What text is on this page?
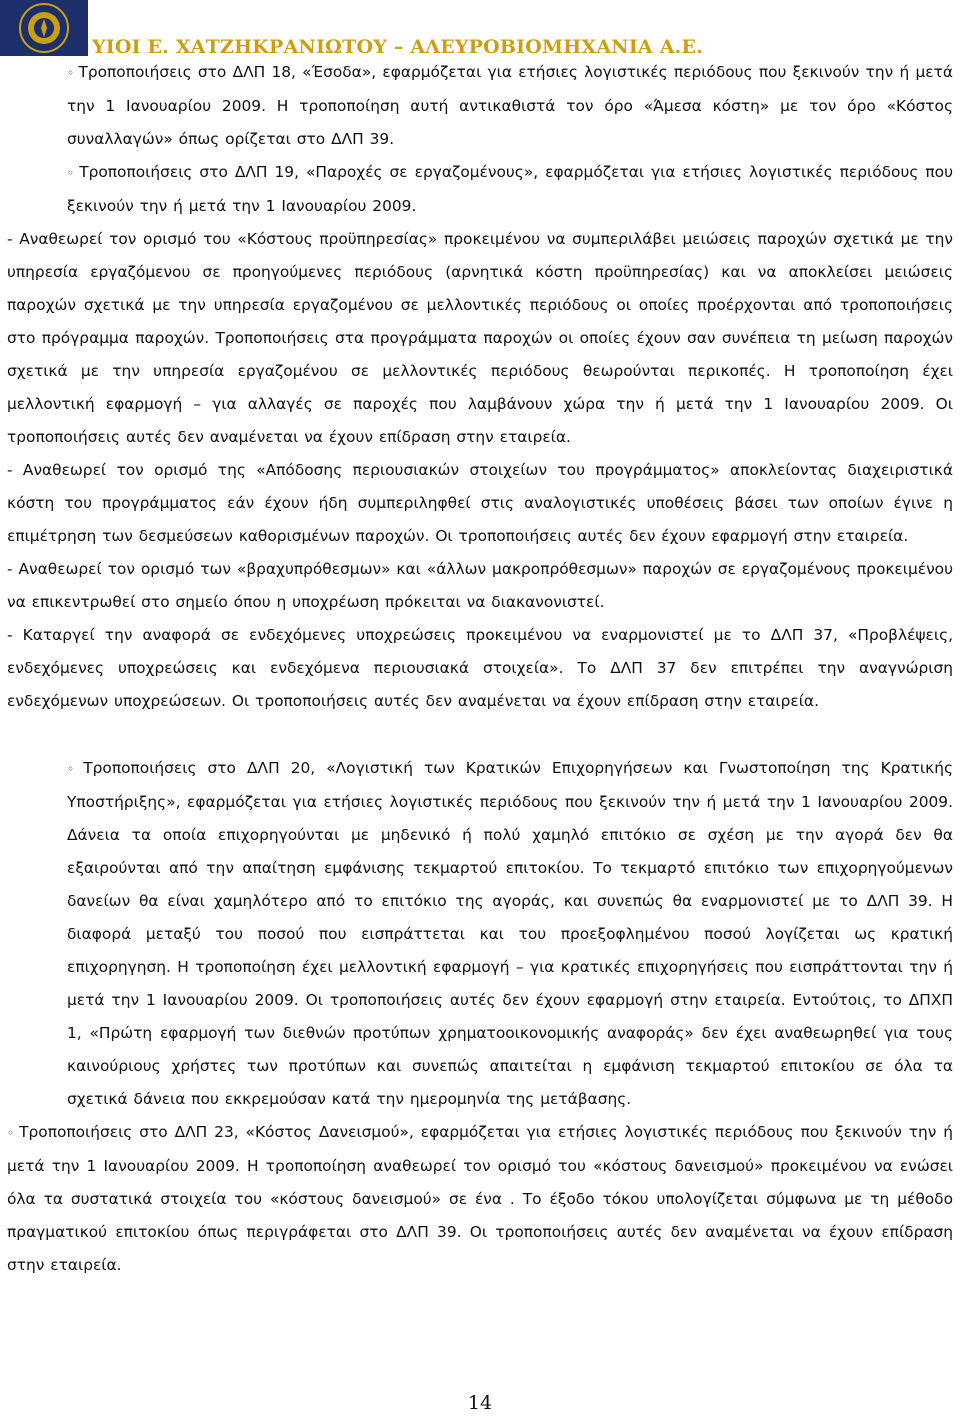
ΥΙΟΙ Ε. ΧΑΤΖΗΚΡΑΝΙΩΤΟΥ – ΑΛΕΥΡΟΒΙΟΜΗΧΑΝΙΑ Α.Ε.

◦ Τροποποιήσεις στο ΔΛΠ 18, «Έσοδα», εφαρμόζεται για ετήσιες λογιστικές περιόδους που ξεκινούν την ή μετά την 1 Ιανουαρίου 2009. Η τροποποίηση αυτή αντικαθιστά τον όρο «Άμεσα κόστη» με τον όρο «Κόστος συναλλαγών» όπως ορίζεται στο ΔΛΠ 39.

◦ Τροποποιήσεις στο ΔΛΠ 19, «Παροχές σε εργαζομένους», εφαρμόζεται για ετήσιες λογιστικές περιόδους που ξεκινούν την ή μετά την 1 Ιανουαρίου 2009.

- Αναθεωρεί τον ορισμό του «Κόστους προϋπηρεσίας» προκειμένου να συμπεριλάβει μειώσεις παροχών σχετικά με την υπηρεσία εργαζόμενου σε προηγούμενες περιόδους (αρνητικά κόστη προϋπηρεσίας) και να αποκλείσει μειώσεις παροχών σχετικά με την υπηρεσία εργαζομένου σε μελλοντικές περιόδους οι οποίες προέρχονται από τροποποιήσεις στο πρόγραμμα παροχών. Τροποποιήσεις στα προγράμματα παροχών οι οποίες έχουν σαν συνέπεια τη μείωση παροχών σχετικά με την υπηρεσία εργαζομένου σε μελλοντικές περιόδους θεωρούνται περικοπές. Η τροποποίηση έχει μελλοντική εφαρμογή – για αλλαγές σε παροχές που λαμβάνουν χώρα την ή μετά την 1 Ιανουαρίου 2009. Οι τροποποιήσεις αυτές δεν αναμένεται να έχουν επίδραση στην εταιρεία.

- Αναθεωρεί τον ορισμό της «Απόδοσης περιουσιακών στοιχείων του προγράμματος» αποκλείοντας διαχειριστικά κόστη του προγράμματος εάν έχουν ήδη συμπεριληφθεί στις αναλογιστικές υποθέσεις βάσει των οποίων έγινε η επιμέτρηση των δεσμεύσεων καθορισμένων παροχών. Οι τροποποιήσεις αυτές δεν έχουν εφαρμογή στην εταιρεία.

- Αναθεωρεί τον ορισμό των «βραχυπρόθεσμων» και «άλλων μακροπρόθεσμων» παροχών σε εργαζομένους προκειμένου να επικεντρωθεί στο σημείο όπου η υποχρέωση πρόκειται να διακανονιστεί.

- Καταργεί την αναφορά σε ενδεχόμενες υποχρεώσεις προκειμένου να εναρμονιστεί με το ΔΛΠ 37, «Προβλέψεις, ενδεχόμενες υποχρεώσεις και ενδεχόμενα περιουσιακά στοιχεία». Το ΔΛΠ 37 δεν επιτρέπει την αναγνώριση ενδεχόμενων υποχρεώσεων. Οι τροποποιήσεις αυτές δεν αναμένεται να έχουν επίδραση στην εταιρεία.

◦ Τροποποιήσεις στο ΔΛΠ 20, «Λογιστική των Κρατικών Επιχορηγήσεων και Γνωστοποίηση της Κρατικής Υποστήριξης», εφαρμόζεται για ετήσιες λογιστικές περιόδους που ξεκινούν την ή μετά την 1 Ιανουαρίου 2009. Δάνεια τα οποία επιχορηγούνται με μηδενικό ή πολύ χαμηλό επιτόκιο σε σχέση με την αγορά δεν θα εξαιρούνται από την απαίτηση εμφάνισης τεκμαρτού επιτοκίου. Το τεκμαρτό επιτόκιο των επιχορηγούμενων δανείων θα είναι χαμηλότερο από το επιτόκιο της αγοράς, και συνεπώς θα εναρμονιστεί με το ΔΛΠ 39. Η διαφορά μεταξύ του ποσού που εισπράττεται και του προεξοφλημένου ποσού λογίζεται ως κρατική επιχορηγηση. Η τροποποίηση έχει μελλοντική εφαρμογή – για κρατικές επιχορηγήσεις που εισπράττονται την ή μετά την 1 Ιανουαρίου 2009. Οι τροποποιήσεις αυτές δεν έχουν εφαρμογή στην εταιρεία. Εντούτοις, το ΔΠΧΠ 1, «Πρώτη εφαρμογή των διεθνών προτύπων χρηματοοικονομικής αναφοράς» δεν έχει αναθεωρηθεί για τους καινούριους χρήστες των προτύπων και συνεπώς απαιτείται η εμφάνιση τεκμαρτού επιτοκίου σε όλα τα σχετικά δάνεια που εκκρεμούσαν κατά την ημερομηνία της μετάβασης.

◦ Τροποποιήσεις στο ΔΛΠ 23, «Κόστος Δανεισμού», εφαρμόζεται για ετήσιες λογιστικές περιόδους που ξεκινούν την ή μετά την 1 Ιανουαρίου 2009. Η τροποποίηση αναθεωρεί τον ορισμό του «κόστους δανεισμού» προκειμένου να ενώσει όλα τα συστατικά στοιχεία του «κόστους δανεισμού» σε ένα . Το έξοδο τόκου υπολογίζεται σύμφωνα με τη μέθοδο πραγματικού επιτοκίου όπως περιγράφεται στο ΔΛΠ 39. Οι τροποποιήσεις αυτές δεν αναμένεται να έχουν επίδραση στην εταιρεία.

14
